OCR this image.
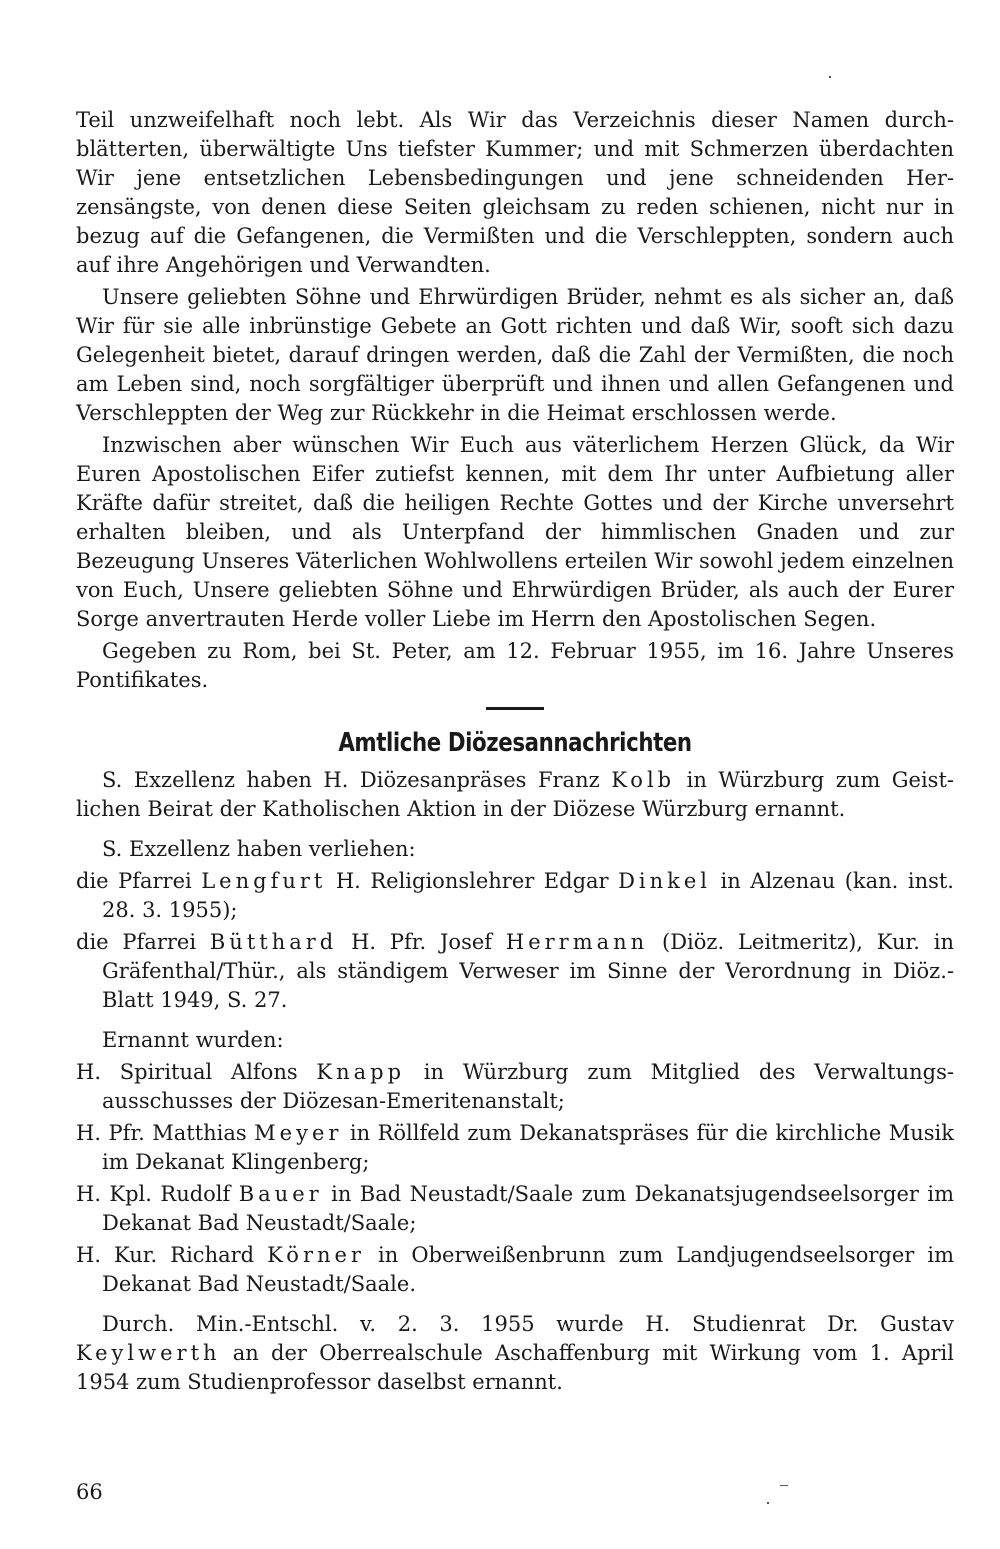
Teil unzweifelhaft noch lebt. Als Wir das Verzeichnis dieser Namen durchblätterten, überwältigte Uns tiefster Kummer; und mit Schmerzen überdachten Wir jene entsetzlichen Lebensbedingungen und jene schneidenden Herzensängste, von denen diese Seiten gleichsam zu reden schienen, nicht nur in bezug auf die Gefangenen, die Vermißten und die Verschleppten, sondern auch auf ihre Angehörigen und Verwandten.

Unsere geliebten Söhne und Ehrwürdigen Brüder, nehmt es als sicher an, daß Wir für sie alle inbrünstige Gebete an Gott richten und daß Wir, sooft sich dazu Gelegenheit bietet, darauf dringen werden, daß die Zahl der Vermißten, die noch am Leben sind, noch sorgfältiger überprüft und ihnen und allen Gefangenen und Verschleppten der Weg zur Rückkehr in die Heimat erschlossen werde.

Inzwischen aber wünschen Wir Euch aus väterlichem Herzen Glück, da Wir Euren Apostolischen Eifer zutiefst kennen, mit dem Ihr unter Aufbietung aller Kräfte dafür streitet, daß die heiligen Rechte Gottes und der Kirche unversehrt erhalten bleiben, und als Unterpfand der himmlischen Gnaden und zur Bezeugung Unseres Väterlichen Wohlwollens erteilen Wir sowohl jedem einzelnen von Euch, Unsere geliebten Söhne und Ehrwürdigen Brüder, als auch der Eurer Sorge anvertrauten Herde voller Liebe im Herrn den Apostolischen Segen.

Gegeben zu Rom, bei St. Peter, am 12. Februar 1955, im 16. Jahre Unseres Pontifikates.

Amtliche Diözesannachrichten

S. Exzellenz haben H. Diözesanpräses Franz Kolb in Würzburg zum Geistlichen Beirat der Katholischen Aktion in der Diözese Würzburg ernannt.

S. Exzellenz haben verliehen:

die Pfarrei Lengfurt H. Religionslehrer Edgar Dinkel in Alzenau (kan. inst. 28. 3. 1955);

die Pfarrei Bütthard H. Pfr. Josef Herrmann (Diöz. Leitmeritz), Kur. in Gräfenthal/Thür., als ständigem Verweser im Sinne der Verordnung in Diöz.-Blatt 1949, S. 27.

Ernannt wurden:

H. Spiritual Alfons Knapp in Würzburg zum Mitglied des Verwaltungsausschusses der Diözesan-Emeritenanstalt;

H. Pfr. Matthias Meyer in Röllfeld zum Dekanatspräses für die kirchliche Musik im Dekanat Klingenberg;

H. Kpl. Rudolf Bauer in Bad Neustadt/Saale zum Dekanatsjugendseelsorger im Dekanat Bad Neustadt/Saale;

H. Kur. Richard Körner in Oberweißenbrunn zum Landjugendseelsorger im Dekanat Bad Neustadt/Saale.

Durch. Min.-Entschl. v. 2. 3. 1955 wurde H. Studienrat Dr. Gustav Keylwerth an der Oberrealschule Aschaffenburg mit Wirkung vom 1. April 1954 zum Studienprofessor daselbst ernannt.

66
